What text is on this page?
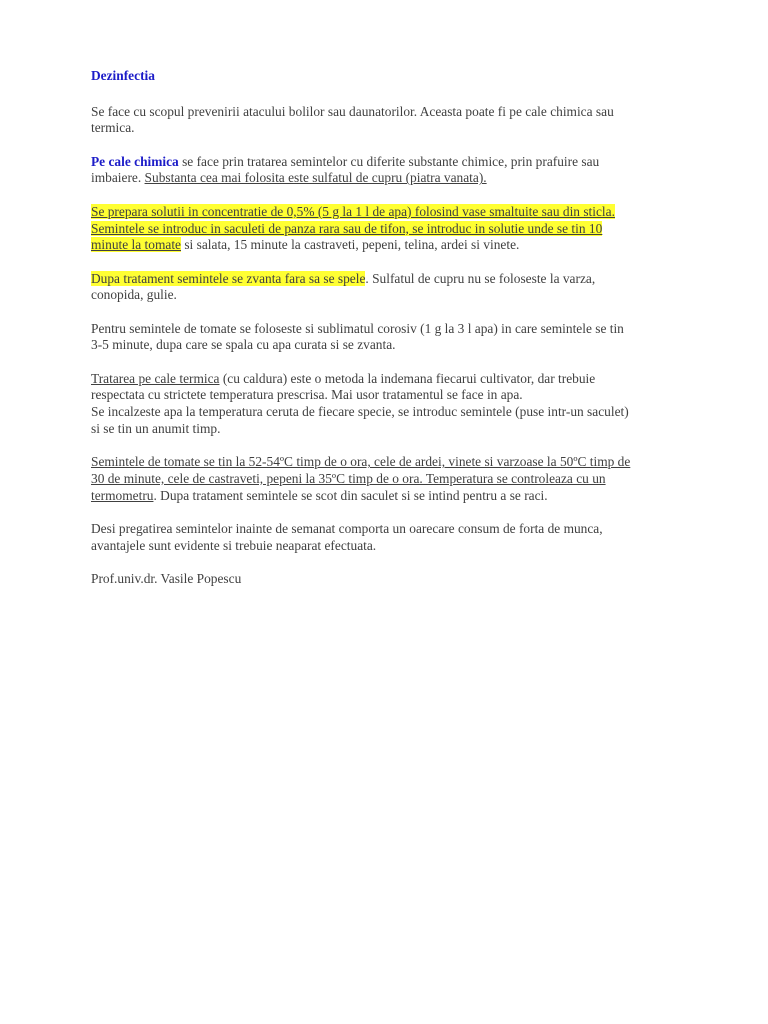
Dezinfectia
Se face cu scopul prevenirii atacului bolilor sau daunatorilor. Aceasta poate fi pe cale chimica sau
termica.
Pe cale chimica se face prin tratarea semintelor cu diferite substante chimice, prin prafuire sau
imbaiere. Substanta cea mai folosita este sulfatul de cupru (piatra vanata).
Se prepara solutii in concentratie de 0,5% (5 g la 1 l de apa) folosind vase smaltuite sau din sticla.
Semintele se introduc in saculeti de panza rara sau de tifon, se introduc in solutie unde se tin 10
minute la tomate si salata, 15 minute la castraveti, pepeni, telina, ardei si vinete.
Dupa tratament semintele se zvanta fara sa se spele. Sulfatul de cupru nu se foloseste la varza,
conopida, gulie.
Pentru semintele de tomate se foloseste si sublimatul corosiv (1 g la 3 l apa) in care semintele se tin
3-5 minute, dupa care se spala cu apa curata si se zvanta.
Tratarea pe cale termica (cu caldura) este o metoda la indemana fiecarui cultivator, dar trebuie
respectata cu strictete temperatura prescrisa. Mai usor tratamentul se face in apa.
Se incalzeste apa la temperatura ceruta de fiecare specie, se introduc semintele (puse intr-un saculet)
si se tin un anumit timp.
Semintele de tomate se tin la 52-54ºC timp de o ora, cele de ardei, vinete si varzoase la 50ºC timp de
30 de minute, cele de castraveti, pepeni la 35ºC timp de o ora. Temperatura se controleaza cu un
termometru. Dupa tratament semintele se scot din saculet si se intind pentru a se raci.
Desi pregatirea semintelor inainte de semanat comporta un oarecare consum de forta de munca,
avantajele sunt evidente si trebuie neaparat efectuata.
Prof.univ.dr. Vasile Popescu
